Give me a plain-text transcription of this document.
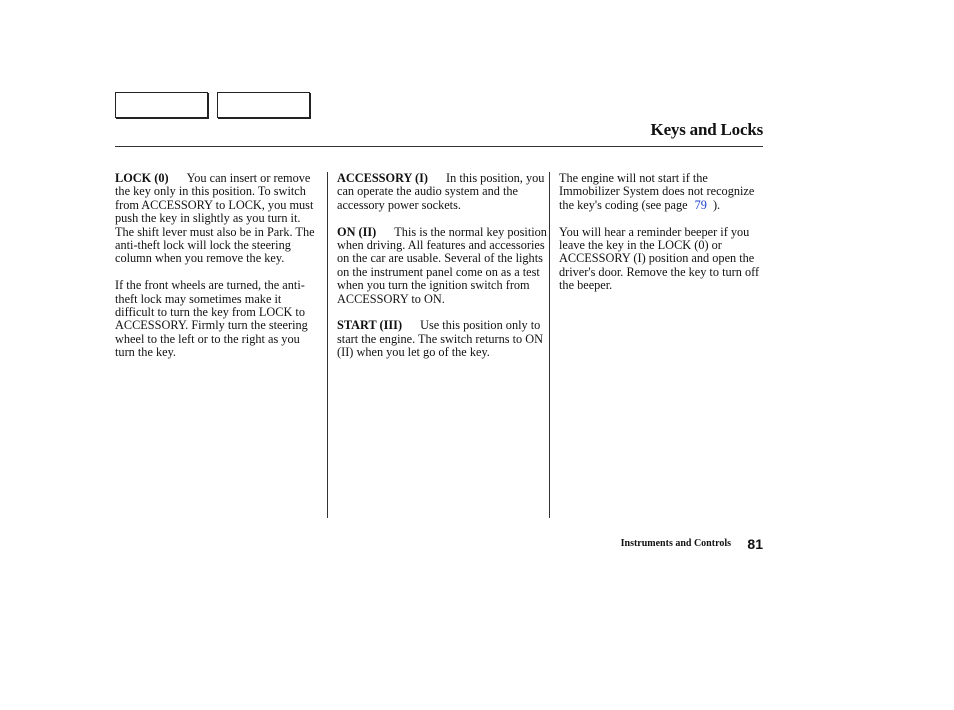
Keys and Locks

LOCK (0) You can insert or remove the key only in this position. To switch from ACCESSORY to LOCK, you must push the key in slightly as you turn it. The shift lever must also be in Park. The anti-theft lock will lock the steering column when you remove the key.

If the front wheels are turned, the anti-theft lock may sometimes make it difficult to turn the key from LOCK to ACCESSORY. Firmly turn the steering wheel to the left or to the right as you turn the key.

ACCESSORY (I) In this position, you can operate the audio system and the accessory power sockets.

ON (II) This is the normal key position when driving. All features and accessories on the car are usable. Several of the lights on the instrument panel come on as a test when you turn the ignition switch from ACCESSORY to ON.

START (III) Use this position only to start the engine. The switch returns to ON (II) when you let go of the key.

The engine will not start if the Immobilizer System does not recognize the key's coding (see page 79 ).

You will hear a reminder beeper if you leave the key in the LOCK (0) or ACCESSORY (I) position and open the driver's door. Remove the key to turn off the beeper.

Instruments and Controls 81
